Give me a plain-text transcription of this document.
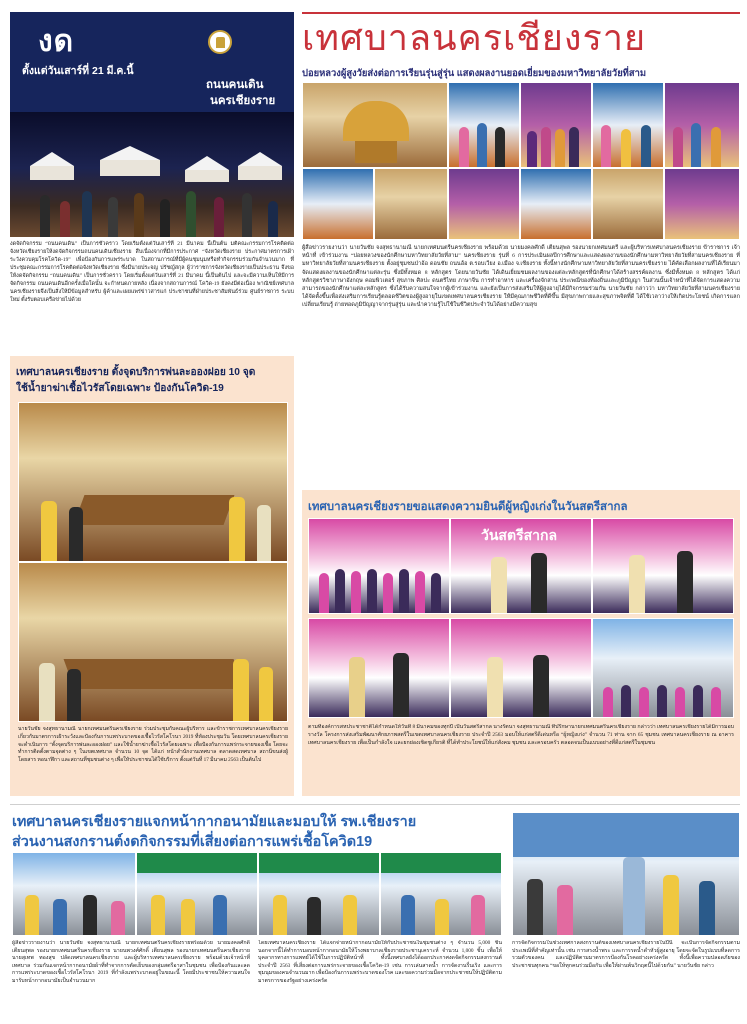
งด
ตั้งแต่วันเสาร์ที่ 21 มี.ค.นี้
ถนนคนเดิน
นครเชียงราย
งดจัดกิจกรรม “ถนนคนเดิน” เป็นการชั่วคราว โดยเริ่มตั้งแต่วันเสาร์ที่ 21 มีนาคม นี้เป็นต้น มติคณะกรรมการโรคติดต่อจังหวัดเชียงรายให้งดจัดกิจกรรมถนนคนเดินเชียงราย สืบเนื่องจากที่มีการประกาศ “จังหวัดเชียงราย ประกาศมาตรการเฝ้าระวังควบคุมโรคโควิด-19” เพื่อป้องกันการแพร่ระบาด ในสถานการณ์ที่มีผู้คนชุมนุมหรือทำกิจกรรมร่วมกันจำนวนมาก ที่ประชุมคณะกรรมการโรคติดต่อจังหวัดเชียงราย ซึ่งมีนายประจญ ปรัชญ์สกุล ผู้ว่าราชการจังหวัดเชียงรายเป็นประธาน จึงขอให้งดจัดกิจกรรม “ถนนคนเดิน” เป็นการชั่วคราว โดยเริ่มตั้งแต่วันเสาร์ที่ 21 มีนาคม นี้เป็นต้นไป และจะมีความเห็นให้มีการจัดกิจกรรม ถนนคนเดินอีกครั้งเมื่อใดนั้น จะกำหนดภายหลัง เนื่องจากสถานการณ์ โควิด-19 ยังคงมีต่อเนื่อง พาณิชย์เทศบาลนครเชียงรายจึงเป็นสิ่งให้มีข้อมูลสำหรับ ผู้ค้าและเผยแพร่ข่าวสารแก่ ประชาชนที่ฝ่ายประชาสัมพันธ์ร่วม ศูนย์ราชการ ระบบใหม่ ตั้งรับตอบเครือข่ายไปด้วย
เทศบาลนครเชียงราย
ปอยหลวงผู้สูงวัยส่งต่อการเรียนรุ่นสู่รุ่น แสดงผลงานยอดเยี่ยมของมหาวิทยาลัยวัยที่สาม
ผู้สื่อข่าวรายงานว่า นายวันชัย จงสุทธานามณี นายกเทศมนตรีนครเชียงราย พร้อมด้วย นายมงคลศักดิ์ เตียนสุพล รองนายกเทศมนตรี และผู้บริหารเทศบาลนครเชียงราย ข้าราชการ เจ้าหน้าที่ เข้าร่วมงาน “ปอยหลวงของนักศึกษามหาวิทยาลัยวัยที่สาม” นครเชียงราย รุ่นที่ 6 การประเมินผลปีการศึกษาและแสดงผลงานของนักศึกษามหาวิทยาลัยวัยที่สามนครเชียงราย ที่มหาวิทยาลัยวัยที่สามนครเชียงราย ตั้งอยู่ชุมชนป่าอ้อ ดอนชัย ถนนอ้อ ต.รอบเวียง อ.เมือง จ.เชียงราย ทั้งนี้ทางนักศึกษามหาวิทยาลัยวัยที่สามนครเชียงราย ได้คัดเลือกผลงานที่ได้เรียนมา จัดแสดงผลงานของนักศึกษาแต่ละรุ่น ซึ่งมีทั้งหมด 8 หลักสูตร โดยนายวันชัย ได้เดินเยี่ยมชมผลงานของแต่ละหลักสูตรที่นักศึกษาได้สร้างสรรค์ผลงาน ซึ่งมีทั้งหมด 8 หลักสูตร ได้แก่ หลักสูตรวิชาภาษาอังกฤษ คอมพิวเตอร์ สุขภาพ ศิลปะ ดนตรีไทย ภาษาจีน การทำอาหาร และเครื่องจักสาน ประเพณีของท้องถิ่นและภูมิปัญญา ในส่วนนั้นเจ้าหน้าที่ได้จัดการแสดงความสามารถของนักศึกษาแต่ละหลักสูตร ซึ่งได้รับความสนใจจากผู้เข้าร่วมงาน และยังเป็นการส่งเสริมให้ผู้สูงอายุได้มีกิจกรรมร่วมกัน นายวันชัย กล่าวว่า มหาวิทยาลัยวัยที่สามนครเชียงราย ได้จัดตั้งขึ้นเพื่อส่งเสริมการเรียนรู้ตลอดชีวิตของผู้สูงอายุในเขตเทศบาลนครเชียงราย ให้มีคุณภาพชีวิตที่ดีขึ้น มีสุขภาพกายและสุขภาพจิตที่ดี ได้ใช้เวลาว่างให้เกิดประโยชน์ เกิดการแลกเปลี่ยนเรียนรู้ ถ่ายทอดภูมิปัญญาจากรุ่นสู่รุ่น และนำความรู้ไปใช้ในชีวิตประจำวันได้อย่างมีความสุข
เทศบาลนครเชียงราย ตั้งจุดบริการพ่นละอองฝอย 10 จุด
ใช้น้ำยาฆ่าเชื้อไวรัสโดยเฉพาะ ป้องกันโควิด-19
นายวันชัย จงสุทธานามณี นายกเทศมนตรีนครเชียงราย ร่วมประชุมกับคณะผู้บริหาร และข้าราชการเทศบาลนครเชียงราย เกี่ยวกับมาตรการเฝ้าระวังและป้องกันการแพร่ระบาดของเชื้อไวรัสโคโรนา 2019 ที่ห้องประชุมวัน โดยเทศบาลนครเชียงราย จะดำเนินการ “ตั้งจุดบริการพ่นละอองฝอย” และใช้น้ำยาฆ่าเชื้อไวรัสโดยเฉพาะ เพื่อป้องกันการแพร่กระจายของเชื้อ โดยจะทำการติดตั้งตามจุดต่าง ๆ ในเขตเทศบาล จำนวน 10 จุด ได้แก่ หน้าสำนักงานเทศบาล ตลาดสดเทศบาล สถานีขนส่งผู้โดยสาร หอนาฬิกา และสถานที่ชุมชนต่าง ๆ เพื่อให้ประชาชนได้ใช้บริการ ตั้งแต่วันที่ 17 มีนาคม 2563 เป็นต้นไป
เทศบาลนครเชียงรายขอแสดงความยินดีผู้หญิงเก่งในวันสตรีสากล
วันสตรีสากล
ตามที่องค์การสหประชาชาติได้กำหนดให้วันที่ 8 มีนาคมของทุกปี เป็นวันสตรีสากล นางรัตนา จงสุทธานามณี ที่ปรึกษานายกเทศมนตรีนครเชียงราย กล่าวว่า เทศบาลนครเชียงรายได้มีการมอบรางวัล โครงการส่งเสริมพัฒนาศักยภาพสตรีในเขตเทศบาลนครเชียงราย ประจำปี 2563 มอบให้แก่สตรีดีเด่นหรือ “ผู้หญิงเก่ง” จำนวน 71 ท่าน จาก 65 ชุมชน เทศบาลนครเชียงราย ณ อาคารเทศบาลนครเชียงราย เพื่อเป็นกำลังใจ และยกย่องเชิดชูเกียรติ ที่ได้ทำประโยชน์ให้แก่สังคม ชุมชน และครอบครัว ตลอดจนเป็นแบบอย่างที่ดีแก่สตรีในชุมชน
เทศบาลนครเชียงรายแจกหน้ากากอนามัยและมอบให้ รพ.เชียงราย
ส่วนงานสงกรานต์งดกิจกรรมที่เสี่ยงต่อการแพร่เชื้อโควิด19
ผู้สื่อข่าวรายงานว่า นายวันชัย จงสุทธานามณี นายกเทศมนตรีนครเชียงรายพร้อมด้วย นายมงคลศักดิ์ เตียนสุพล รองนายกเทศมนตรีนครเชียงราย นายนพวงศ์ศักดิ์ เตียนสุพล รองนายกเทศมนตรีนครเชียงราย นายสุเทพ ทองสุข ปลัดเทศบาลนครเชียงราย และผู้บริหารเทศบาลนครเชียงราย พร้อมด้วยเจ้าหน้าที่เทศบาล ร่วมกันแจกหน้ากากอนามัยผ้าที่ทำจากการตัดเย็บของกลุ่มสตรีอาสาในชุมชน เพื่อป้องกันและลดการแพร่ระบาดของเชื้อไวรัสโคโรนา 2019 ที่กำลังแพร่ระบาดอยู่ในขณะนี้ โดยมีประชาชนให้ความสนใจมารับหน้ากากอนามัยเป็นจำนวนมาก
โดยเทศบาลนครเชียงราย ได้แจกจ่ายหน้ากากอนามัยให้กับประชาชนในชุมชนต่าง ๆ จำนวน 5,000 ชิ้น นอกจากนี้ได้ทำการมอบหน้ากากอนามัยให้โรงพยาบาลเชียงรายประชานุเคราะห์ จำนวน 1,000 ชิ้น เพื่อให้บุคลากรทางการแพทย์ได้ใช้ในการปฏิบัติหน้าที่ ทั้งนี้เทศบาลยังได้ออกประกาศงดจัดกิจกรรมสงกรานต์ ประจำปี 2563 ที่เสี่ยงต่อการแพร่กระจายของเชื้อโควิด-19 เช่น การเล่นสาดน้ำ การจัดงานรื่นเริง และการชุมนุมของคนจำนวนมาก เพื่อป้องกันการแพร่ระบาดของโรค และขอความร่วมมือจากประชาชนให้ปฏิบัติตามมาตรการของรัฐอย่างเคร่งครัด
การจัดกิจกรรมในช่วงเทศกาลสงกรานต์ของเทศบาลนครเชียงรายในปีนี้ จะเป็นการจัดกิจกรรมตามประเพณีที่สำคัญเท่านั้น เช่น การสรงน้ำพระ และการรดน้ำดำหัวผู้สูงอายุ โดยจะจัดในรูปแบบที่ลดการรวมตัวของคน และปฏิบัติตามมาตรการป้องกันโรคอย่างเคร่งครัด ทั้งนี้เพื่อความปลอดภัยของประชาชนทุกคน “ขอให้ทุกคนร่วมมือกัน เพื่อให้ผ่านพ้นวิกฤตนี้ไปด้วยกัน” นายวันชัย กล่าว
